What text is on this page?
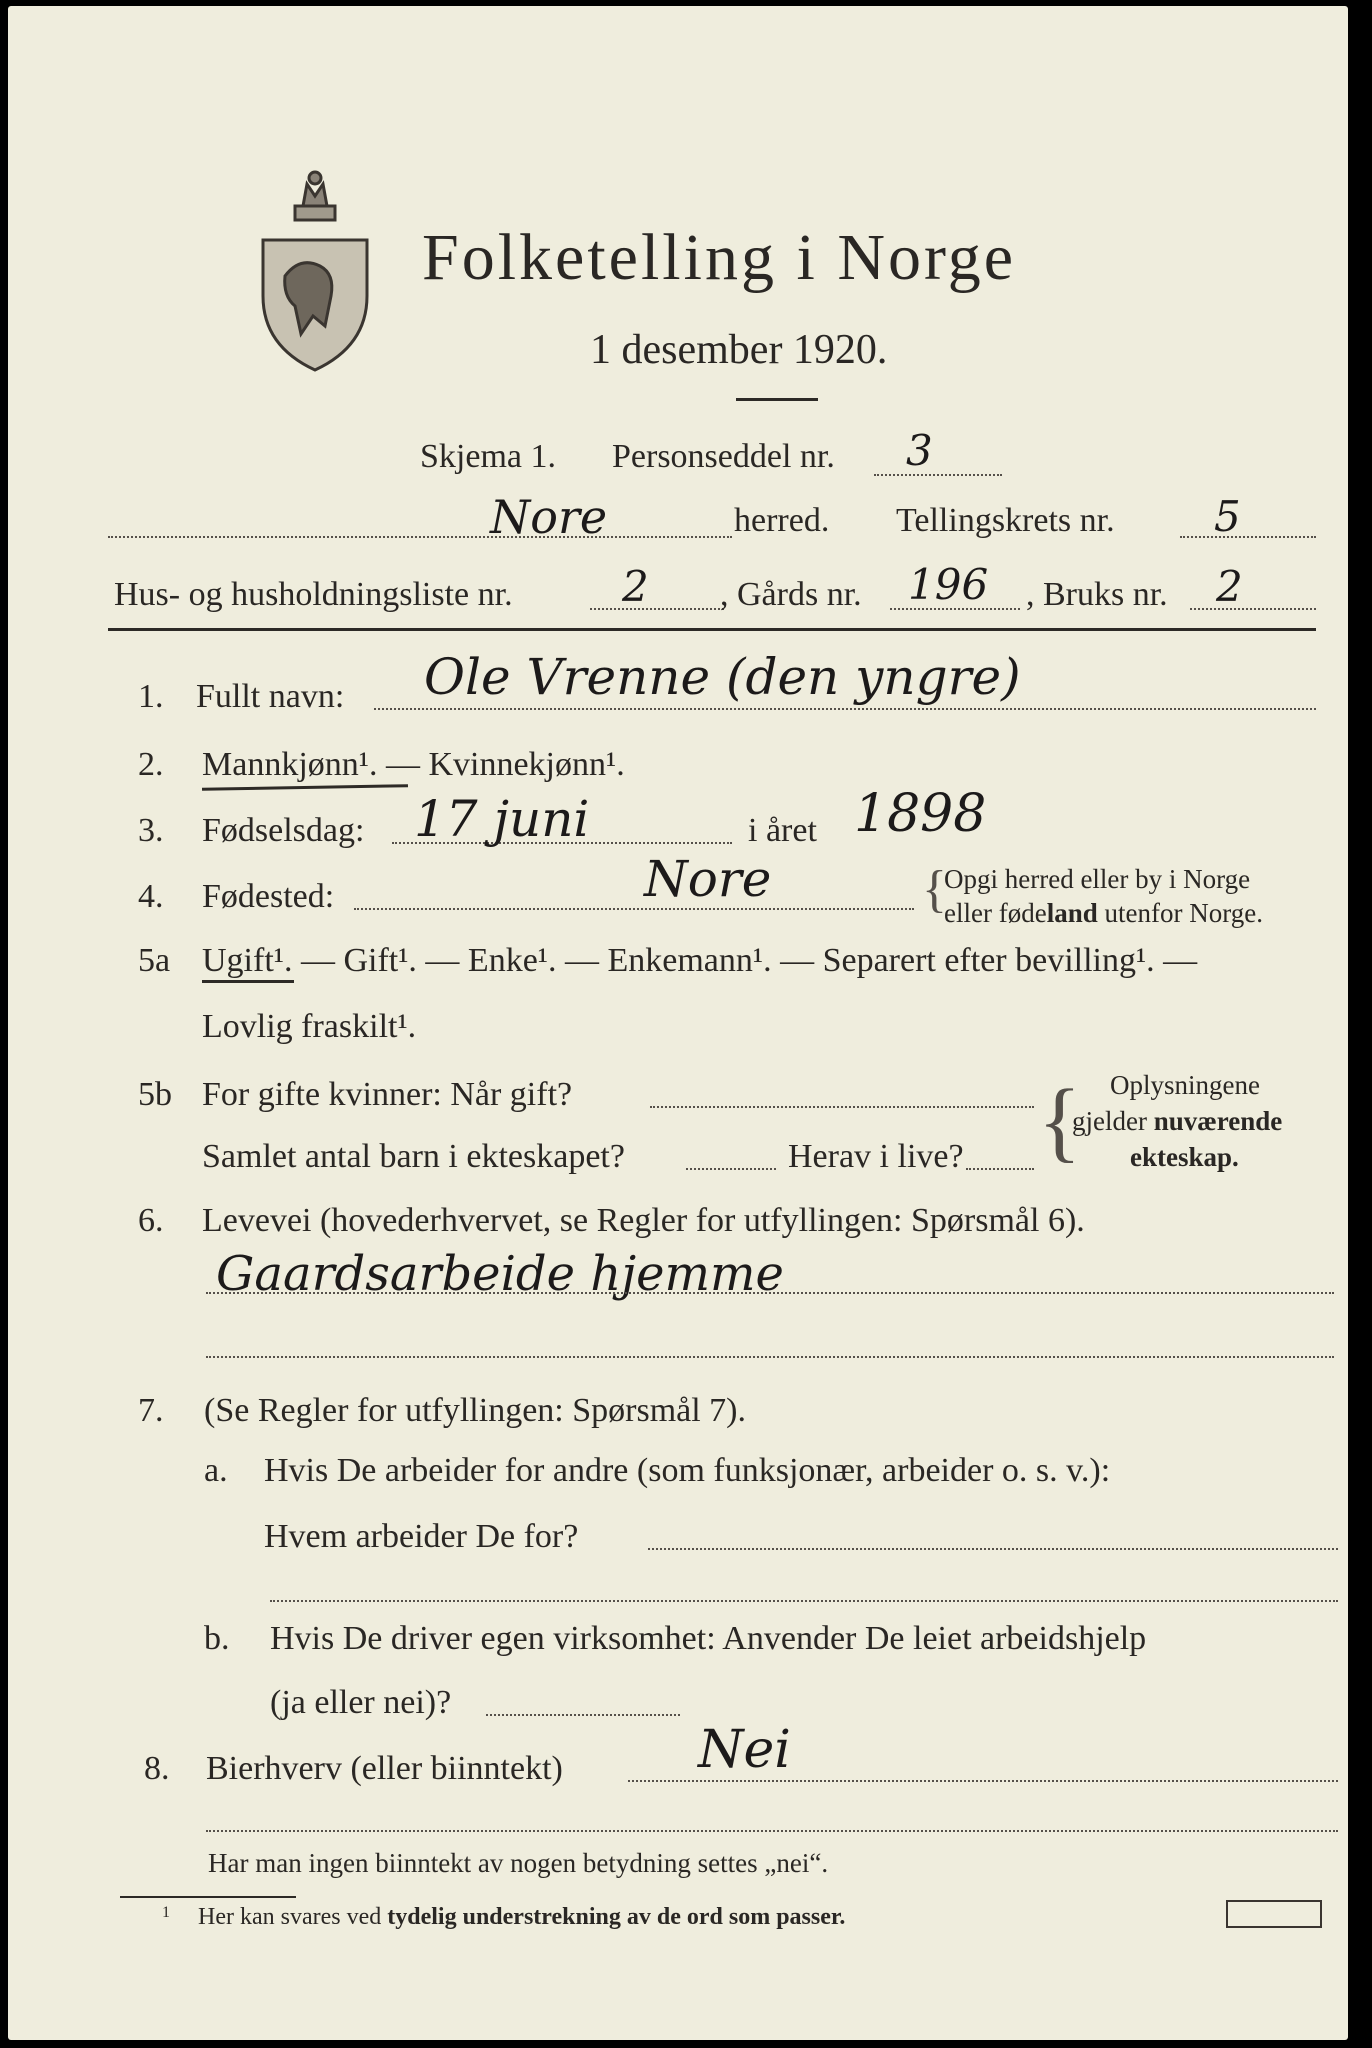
Folketelling i Norge
1 desember 1920.
Skjema 1. Personseddel nr. 3
Nore	herred. Tellingskrets nr. 5
Hus- og husholdningsliste nr.	2 , Gårds nr. 196 , Bruks nr. 2
1. Fullt navn: Ole Vrenne (den yngre)
2. Mannkjønn¹. — Kvinnekjønn¹.
3. Fødselsdag: 17 juni	i året 1898
4. Fødested:	Nore	{
Opgi herred eller by i Norge
eller fødeland utenfor Norge.
5a Ugift¹. — Gift¹. — Enke¹. — Enkemann¹. — Separert efter bevilling¹. —
Lovlig fraskilt¹.
5b For gifte kvinner: Når gift?
Samlet antal barn i ekteskapet?	Herav i live? { Oplysningene
gjelder nuværende
ekteskap.
6. Levevei (hovederhvervet, se Regler for utfyllingen: Spørsmål 6).
Gaardsarbeide hjemme
7. (Se Regler for utfyllingen: Spørsmål 7).
a. Hvis De arbeider for andre (som funksjonær, arbeider o. s. v.):
Hvem arbeider De for?
b. Hvis De driver egen virksomhet: Anvender De leiet arbeidshjelp
(ja eller nei)?
8. Bierhverv (eller biinntekt)	Nei
Har man ingen biinntekt av nogen betydning settes „nei“.
1 Her kan svares ved tydelig understrekning av de ord som passer.
